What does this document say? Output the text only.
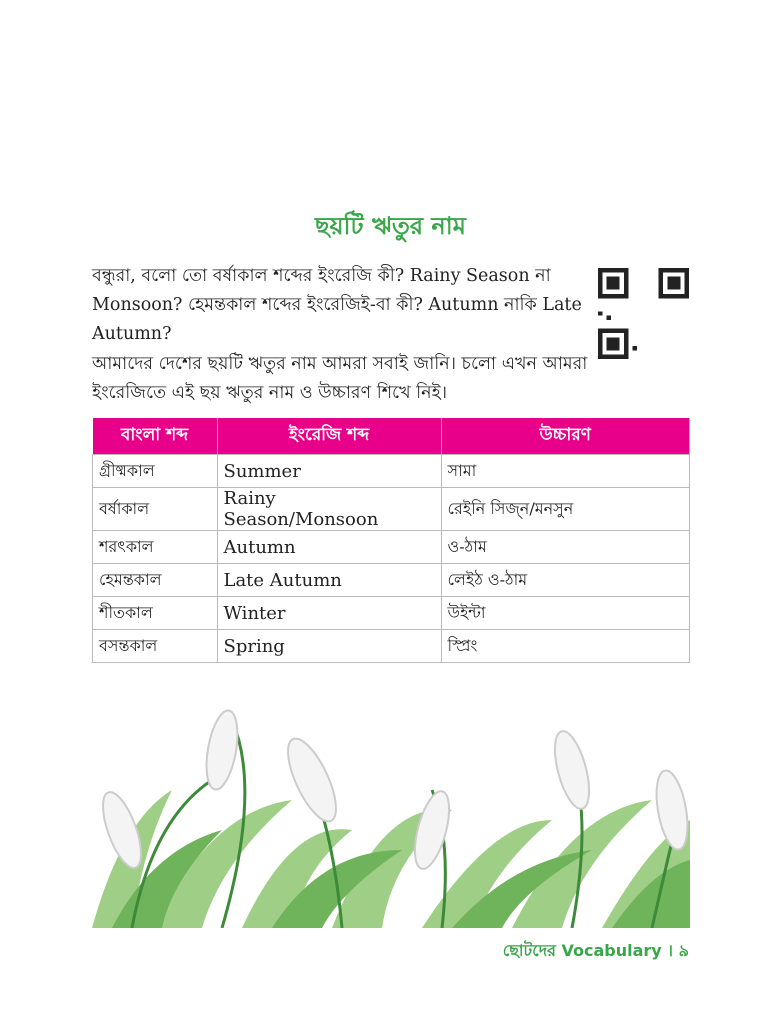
ছয়টি ঋতুর নাম
বন্ধুরা, বলো তো বর্ষাকাল শব্দের ইংরেজি কী? Rainy Season না Monsoon? হেমন্তকাল শব্দের ইংরেজিই-বা কী? Autumn নাকি Late Autumn?
আমাদের দেশের ছয়টি ঋতুর নাম আমরা সবাই জানি। চলো এখন আমরা ইংরেজিতে এই ছয় ঋতুর নাম ও উচ্চারণ শিখে নিই।
বাংলা শব্দ	ইংরেজি শব্দ	উচ্চারণ
গ্রীষ্মকাল	Summer	সামা
বর্ষাকাল	Rainy Season/Monsoon	রেইনি সিজ্‌ন/মনসুন
শরৎকাল	Autumn	ও-ঠাম
হেমন্তকাল	Late Autumn	লেইঠ ও-ঠাম
শীতকাল	Winter	উইন্টা
বসন্তকাল	Spring	স্প্রিং
ছোটদের Vocabulary । ৯
